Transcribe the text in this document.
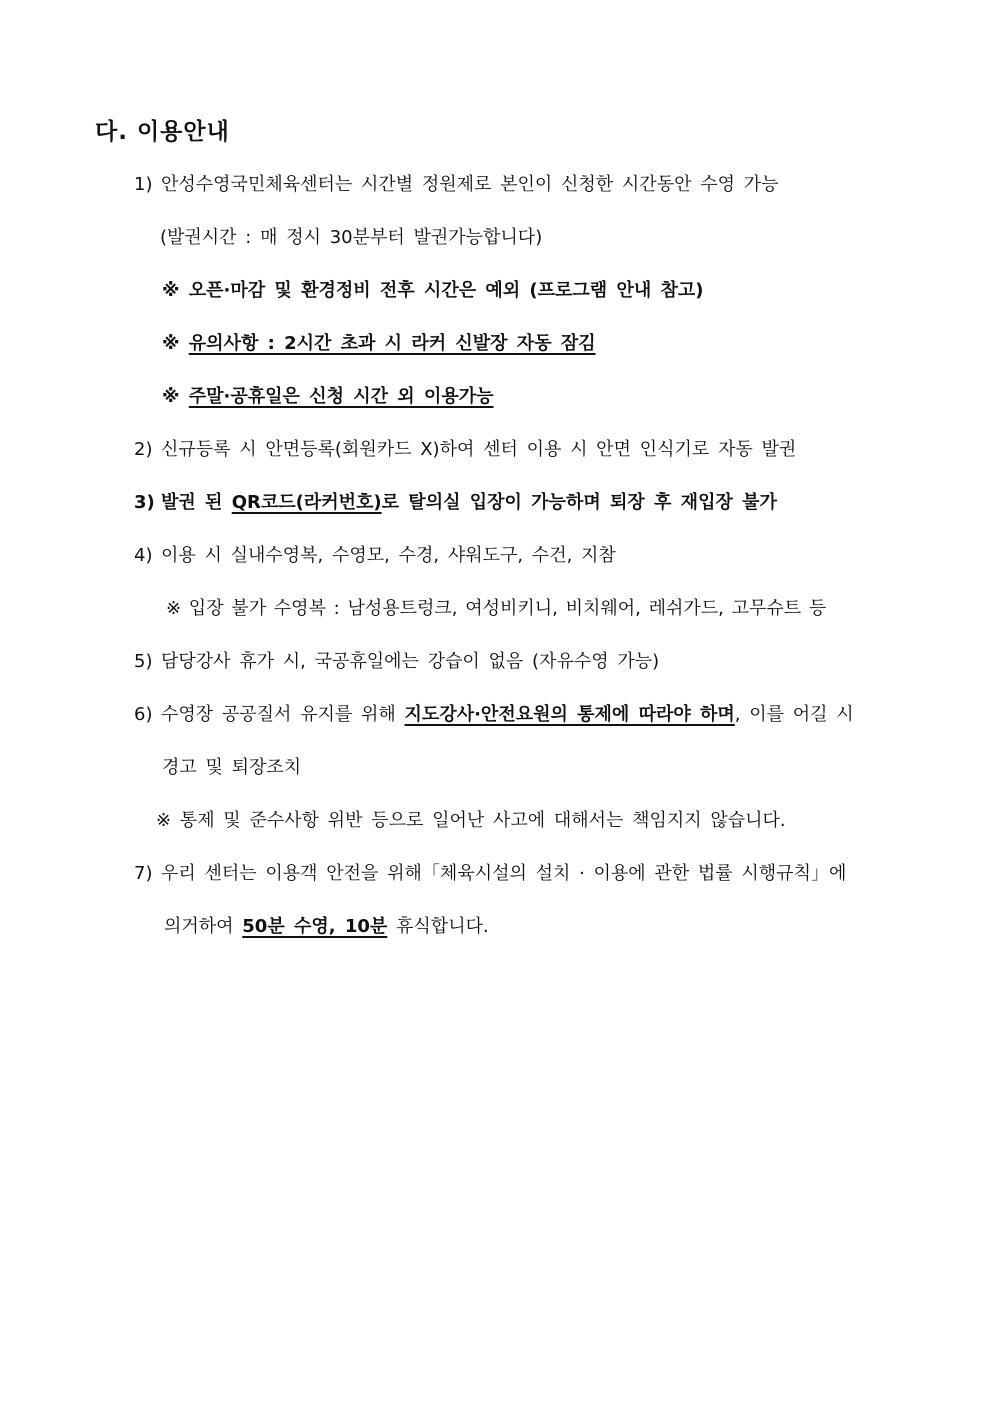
다. 이용안내
1) 안성수영국민체육센터는 시간별 정원제로 본인이 신청한 시간동안 수영 가능
(발권시간 : 매 정시 30분부터 발권가능합니다)
※ 오픈·마감 및 환경정비 전후 시간은 예외 (프로그램 안내 참고)
※ 유의사항 : 2시간 초과 시 라커 신발장 자동 잠김
※ 주말·공휴일은 신청 시간 외 이용가능
2) 신규등록 시 안면등록(회원카드 X)하여 센터 이용 시 안면 인식기로 자동 발권
3) 발권 된 QR코드(라커번호)로 탈의실 입장이 가능하며 퇴장 후 재입장 불가
4) 이용 시 실내수영복, 수영모, 수경, 샤워도구, 수건, 지참
※ 입장 불가 수영복 : 남성용트렁크, 여성비키니, 비치웨어, 레쉬가드, 고무슈트 등
5) 담당강사 휴가 시, 국공휴일에는 강습이 없음 (자유수영 가능)
6) 수영장 공공질서 유지를 위해 지도강사·안전요원의 통제에 따라야 하며, 이를 어길 시
경고 및 퇴장조치
※ 통제 및 준수사항 위반 등으로 일어난 사고에 대해서는 책임지지 않습니다.
7) 우리 센터는 이용객 안전을 위해「체육시설의 설치 · 이용에 관한 법률 시행규칙」에
의거하여 50분 수영, 10분 휴식합니다.
